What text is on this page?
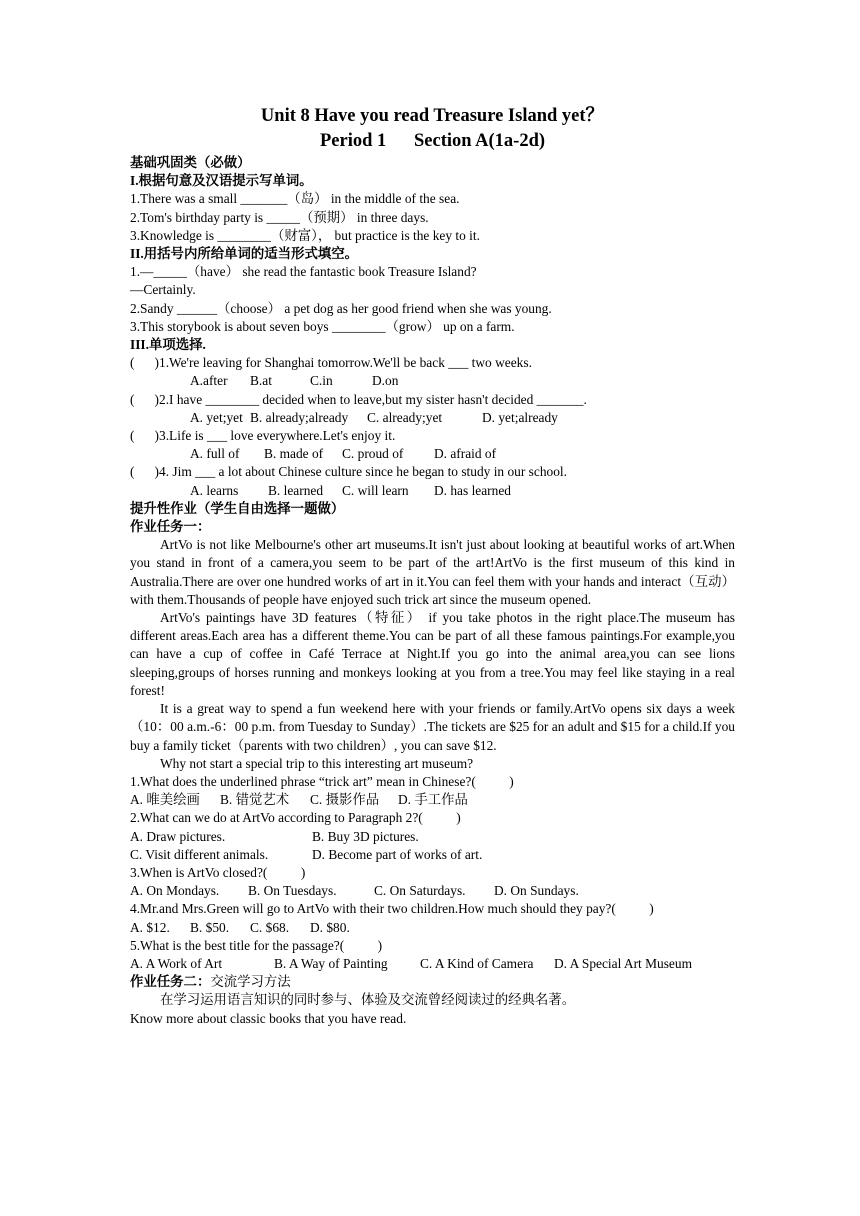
Unit 8 Have you read Treasure Island yet？
Period 1      Section A(1a-2d)
基础巩固类（必做）
I.根据句意及汉语提示写单词。
1.There was a small _______（岛） in the middle of the sea.
2.Tom's birthday party is _____（预期） in three days.
3.Knowledge is ________（财富）， but practice is the key to it.
II.用括号内所给单词的适当形式填空。
1.—_____（have） she read the fantastic book Treasure Island?
—Certainly.
2.Sandy ______（choose） a pet dog as her good friend when she was young.
3.This storybook is about seven boys ________（grow） up on a farm.
III.单项选择.
(      )1.We're leaving for Shanghai tomorrow.We'll be back ___ two weeks.
A.after	B.at	C.in	D.on
(      )2.I have ________ decided when to leave,but my sister hasn't decided _______.
A. yet;yet B. already;already	C. already;yet	D. yet;already
(      )3.Life is ___ love everywhere.Let's enjoy it.
A. full of	B. made of	C. proud of	D. afraid of
(      )4. Jim ___ a lot about Chinese culture since he began to study in our school.
A. learns	B. learned	C. will learn	D. has learned
提升性作业（学生自由选择一题做）
作业任务一：
ArtVo is not like Melbourne's other art museums.It isn't just about looking at beautiful works of art.When you stand in front of a camera,you seem to be part of the art!ArtVo is the first museum of this kind in Australia.There are over one hundred works of art in it.You can feel them with your hands and interact（互动） with them.Thousands of people have enjoyed such trick art since the museum opened.
ArtVo's paintings have 3D features（特征） if you take photos in the right place.The museum has different areas.Each area has a different theme.You can be part of all these famous paintings.For example,you can have a cup of coffee in Café Terrace at Night.If you go into the animal area,you can see lions sleeping,groups of horses running and monkeys looking at you from a tree.You may feel like staying in a real forest!
It is a great way to spend a fun weekend here with your friends or family.ArtVo opens six days a week （10：00 a.m.-6：00 p.m. from Tuesday to Sunday）.The tickets are $25 for an adult and $15 for a child.If you buy a family ticket（parents with two children）, you can save $12.
Why not start a special trip to this interesting art museum?
1.What does the underlined phrase “trick art” mean in Chinese?(          )
A. 唯美绘画	B. 错觉艺术	C. 摄影作品	D. 手工作品
2.What can we do at ArtVo according to Paragraph 2?(          )
A. Draw pictures.	B. Buy 3D pictures.
C. Visit different animals.	D. Become part of works of art.
3.When is ArtVo closed?(          )
A. On Mondays.	B. On Tuesdays.	C. On Saturdays.	D. On Sundays.
4.Mr.and Mrs.Green will go to ArtVo with their two children.How much should they pay?(          )
A. $12.	B. $50.	C. $68.	D. $80.
5.What is the best title for the passage?(          )
A. A Work of Art	B. A Way of Painting	C. A Kind of Camera	D. A Special Art Museum
作业任务二：交流学习方法
在学习运用语言知识的同时参与、体验及交流曾经阅读过的经典名著。
Know more about classic books that you have read.
